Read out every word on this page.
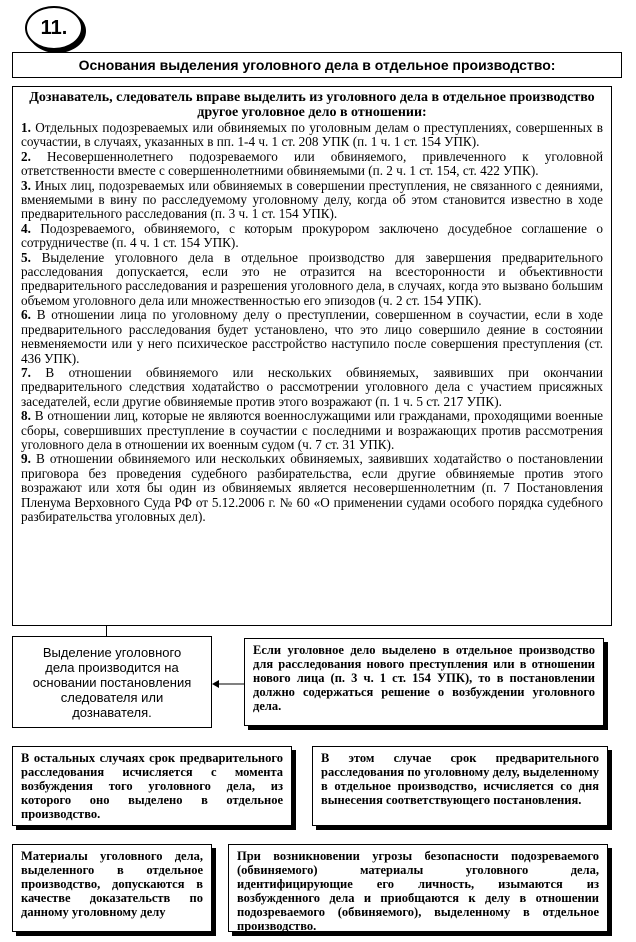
11.
Основания выделения уголовного дела в отдельное производство:
Дознаватель, следователь вправе выделить из уголовного дела в отдельное производство другое уголовное дело в отношении:

1. Отдельных подозреваемых или обвиняемых по уголовным делам о преступлениях, совершенных в соучастии, в случаях, указанных в пп. 1-4 ч. 1 ст. 208 УПК (п. 1 ч. 1 ст. 154 УПК).

2. Несовершеннолетнего подозреваемого или обвиняемого, привлеченного к уголовной ответственности вместе с совершеннолетними обвиняемыми (п. 2 ч. 1 ст. 154, ст. 422 УПК).

3. Иных лиц, подозреваемых или обвиняемых в совершении преступления, не связанного с деяниями, вменяемыми в вину по расследуемому уголовному делу, когда об этом становится известно в ходе предварительного расследования (п. 3 ч. 1 ст. 154 УПК).

4. Подозреваемого, обвиняемого, с которым прокурором заключено досудебное соглашение о сотрудничестве (п. 4 ч. 1 ст. 154 УПК).

5. Выделение уголовного дела в отдельное производство для завершения предварительного расследования допускается, если это не отразится на всесторонности и объективности предварительного расследования и разрешения уголовного дела, в случаях, когда это вызвано большим объемом уголовного дела или множественностью его эпизодов (ч. 2 ст. 154 УПК).

6. В отношении лица по уголовному делу о преступлении, совершенном в соучастии, если в ходе предварительного расследования будет установлено, что это лицо совершило деяние в состоянии невменяемости или у него психическое расстройство наступило после совершения преступления (ст. 436 УПК).

7. В отношении обвиняемого или нескольких обвиняемых, заявивших при окончании предварительного следствия ходатайство о рассмотрении уголовного дела с участием присяжных заседателей, если другие обвиняемые против этого возражают (п. 1 ч. 5 ст. 217 УПК).

8. В отношении лиц, которые не являются военнослужащими или гражданами, проходящими военные сборы, совершивших преступление в соучастии с последними и возражающих против рассмотрения уголовного дела в отношении их военным судом (ч. 7 ст. 31 УПК).

9. В отношении обвиняемого или нескольких обвиняемых, заявивших ходатайство о постановлении приговора без проведения судебного разбирательства, если другие обвиняемые против этого возражают или хотя бы один из обвиняемых является несовершеннолетним (п. 7 Постановления Пленума Верховного Суда РФ от 5.12.2006 г. № 60 «О применении судами особого порядка судебного разбирательства уголовных дел).

Выделение уголовного дела производится на основании постановления следователя или дознавателя.
Если уголовное дело выделено в отдельное производство для расследования нового преступления или в отношении нового лица (п. 3 ч. 1 ст. 154 УПК), то в постановлении должно содержаться решение о возбуждении уголовного дела.
В остальных случаях срок предварительного расследования исчисляется с момента возбуждения того уголовного дела, из которого оно выделено в отдельное производство.
В этом случае срок предварительного расследования по уголовному делу, выделенному в отдельное производство, исчисляется со дня вынесения соответствующего постановления.
Материалы уголовного дела, выделенного в отдельное производство, допускаются в качестве доказательств по данному уголовному делу
При возникновении угрозы безопасности подозреваемого (обвиняемого) материалы уголовного дела, идентифицирующие его личность, изымаются из возбужденного дела и приобщаются к делу в отношении подозреваемого (обвиняемого), выделенному в отдельное производство.
